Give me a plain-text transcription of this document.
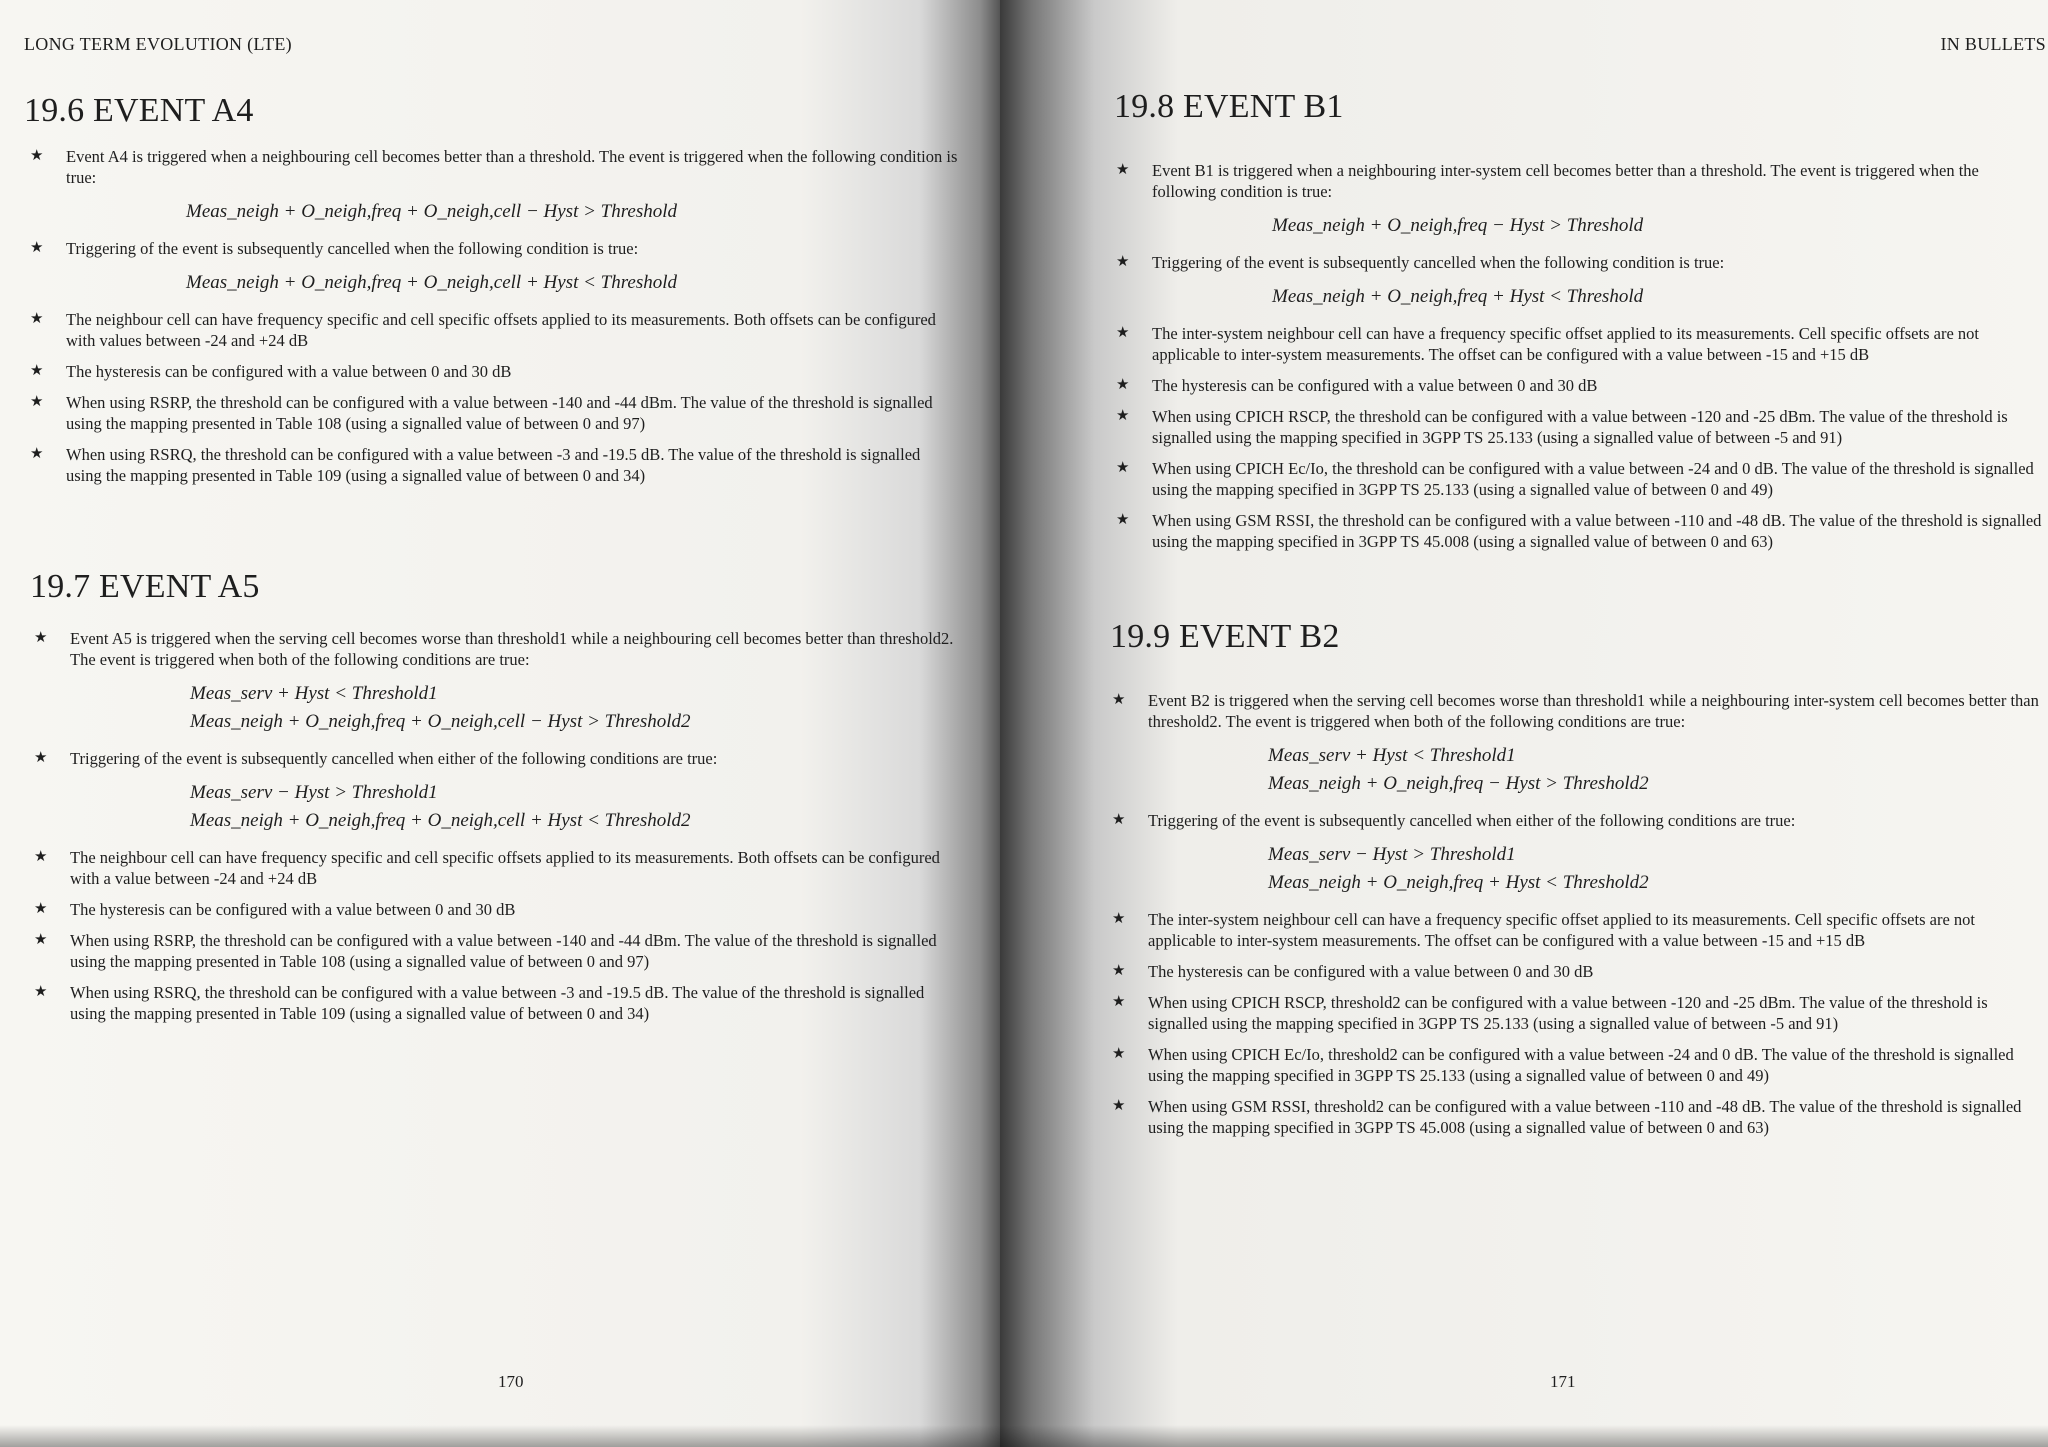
LONG TERM EVOLUTION (LTE)
19.6 EVENT A4
★ Event A4 is triggered when a neighbouring cell becomes better than a threshold. The event is triggered when the following condition is true:
Meas_neigh + O_neigh,freq + O_neigh,cell − Hyst > Threshold
★ Triggering of the event is subsequently cancelled when the following condition is true:
Meas_neigh + O_neigh,freq + O_neigh,cell + Hyst < Threshold
★ The neighbour cell can have frequency specific and cell specific offsets applied to its measurements. Both offsets can be configured with values between -24 and +24 dB
★ The hysteresis can be configured with a value between 0 and 30 dB
★ When using RSRP, the threshold can be configured with a value between -140 and -44 dBm. The value of the threshold is signalled using the mapping presented in Table 108 (using a signalled value of between 0 and 97)
★ When using RSRQ, the threshold can be configured with a value between -3 and -19.5 dB. The value of the threshold is signalled using the mapping presented in Table 109 (using a signalled value of between 0 and 34)
19.7 EVENT A5
★ Event A5 is triggered when the serving cell becomes worse than threshold1 while a neighbouring cell becomes better than threshold2. The event is triggered when both of the following conditions are true:
Meas_serv + Hyst < Threshold1
Meas_neigh + O_neigh,freq + O_neigh,cell − Hyst > Threshold2
★ Triggering of the event is subsequently cancelled when either of the following conditions are true:
Meas_serv − Hyst > Threshold1
Meas_neigh + O_neigh,freq + O_neigh,cell + Hyst < Threshold2
★ The neighbour cell can have frequency specific and cell specific offsets applied to its measurements. Both offsets can be configured with a value between -24 and +24 dB
★ The hysteresis can be configured with a value between 0 and 30 dB
★ When using RSRP, the threshold can be configured with a value between -140 and -44 dBm. The value of the threshold is signalled using the mapping presented in Table 108 (using a signalled value of between 0 and 97)
★ When using RSRQ, the threshold can be configured with a value between -3 and -19.5 dB. The value of the threshold is signalled using the mapping presented in Table 109 (using a signalled value of between 0 and 34)
170
IN BULLETS
19.8 EVENT B1
★ Event B1 is triggered when a neighbouring inter-system cell becomes better than a threshold. The event is triggered when the following condition is true:
Meas_neigh + O_neigh,freq − Hyst > Threshold
★ Triggering of the event is subsequently cancelled when the following condition is true:
Meas_neigh + O_neigh,freq + Hyst < Threshold
★ The inter-system neighbour cell can have a frequency specific offset applied to its measurements. Cell specific offsets are not applicable to inter-system measurements. The offset can be configured with a value between -15 and +15 dB
★ The hysteresis can be configured with a value between 0 and 30 dB
★ When using CPICH RSCP, the threshold can be configured with a value between -120 and -25 dBm. The value of the threshold is signalled using the mapping specified in 3GPP TS 25.133 (using a signalled value of between -5 and 91)
★ When using CPICH Ec/Io, the threshold can be configured with a value between -24 and 0 dB. The value of the threshold is signalled using the mapping specified in 3GPP TS 25.133 (using a signalled value of between 0 and 49)
★ When using GSM RSSI, the threshold can be configured with a value between -110 and -48 dB. The value of the threshold is signalled using the mapping specified in 3GPP TS 45.008 (using a signalled value of between 0 and 63)
19.9 EVENT B2
★ Event B2 is triggered when the serving cell becomes worse than threshold1 while a neighbouring inter-system cell becomes better than threshold2. The event is triggered when both of the following conditions are true:
Meas_serv + Hyst < Threshold1
Meas_neigh + O_neigh,freq − Hyst > Threshold2
★ Triggering of the event is subsequently cancelled when either of the following conditions are true:
Meas_serv − Hyst > Threshold1
Meas_neigh + O_neigh,freq + Hyst < Threshold2
★ The inter-system neighbour cell can have a frequency specific offset applied to its measurements. Cell specific offsets are not applicable to inter-system measurements. The offset can be configured with a value between -15 and +15 dB
★ The hysteresis can be configured with a value between 0 and 30 dB
★ When using CPICH RSCP, threshold2 can be configured with a value between -120 and -25 dBm. The value of the threshold is signalled using the mapping specified in 3GPP TS 25.133 (using a signalled value of between -5 and 91)
★ When using CPICH Ec/Io, threshold2 can be configured with a value between -24 and 0 dB. The value of the threshold is signalled using the mapping specified in 3GPP TS 25.133 (using a signalled value of between 0 and 49)
★ When using GSM RSSI, threshold2 can be configured with a value between -110 and -48 dB. The value of the threshold is signalled using the mapping specified in 3GPP TS 45.008 (using a signalled value of between 0 and 63)
171
